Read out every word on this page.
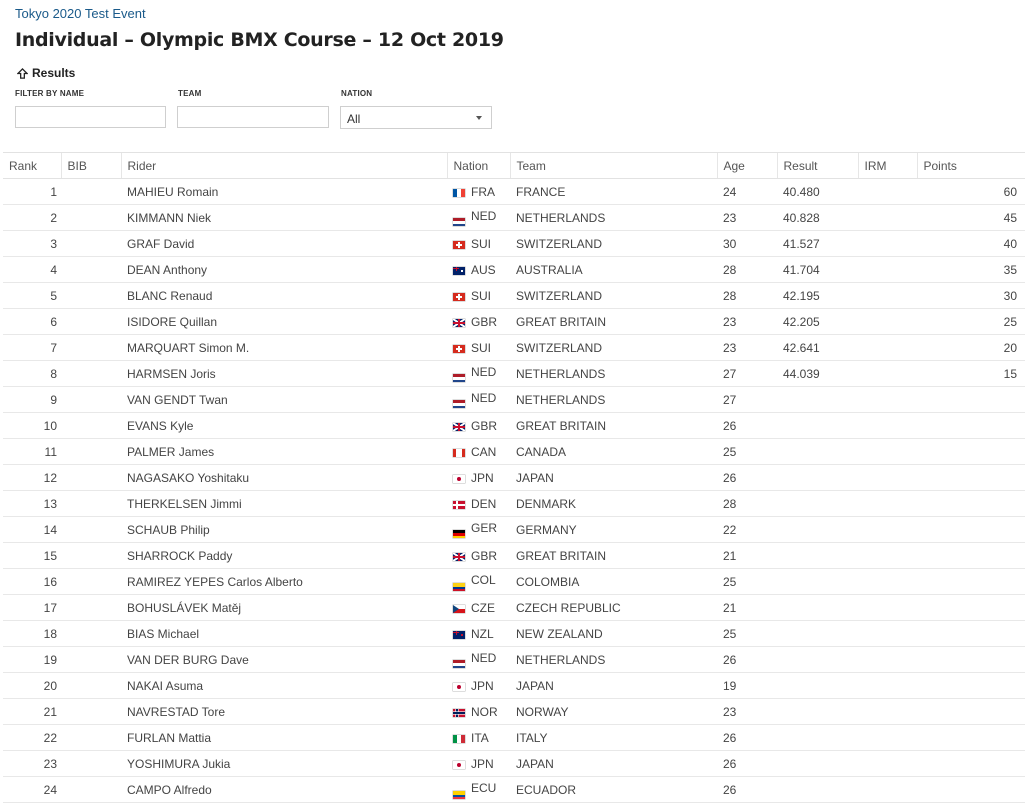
Tokyo 2020 Test Event
Individual – Olympic BMX Course – 12 Oct 2019
Results
FILTER BY NAME	TEAM	NATION
All
Rank	BIB	Rider	Nation	Team	Age	Result	IRM	Points
1		MAHIEU Romain	FRA	FRANCE	24	40.480		60
2		KIMMANN Niek	NED	NETHERLANDS	23	40.828		45
3		GRAF David	SUI	SWITZERLAND	30	41.527		40
4		DEAN Anthony	AUS	AUSTRALIA	28	41.704		35
5		BLANC Renaud	SUI	SWITZERLAND	28	42.195		30
6		ISIDORE Quillan	GBR	GREAT BRITAIN	23	42.205		25
7		MARQUART Simon M.	SUI	SWITZERLAND	23	42.641		20
8		HARMSEN Joris	NED	NETHERLANDS	27	44.039		15
9		VAN GENDT Twan	NED	NETHERLANDS	27			
10		EVANS Kyle	GBR	GREAT BRITAIN	26			
11		PALMER James	CAN	CANADA	25			
12		NAGASAKO Yoshitaku	JPN	JAPAN	26			
13		THERKELSEN Jimmi	DEN	DENMARK	28			
14		SCHAUB Philip	GER	GERMANY	22			
15		SHARROCK Paddy	GBR	GREAT BRITAIN	21			
16		RAMIREZ YEPES Carlos Alberto	COL	COLOMBIA	25			
17		BOHUSLÁVEK Matěj	CZE	CZECH REPUBLIC	21			
18		BIAS Michael	NZL	NEW ZEALAND	25			
19		VAN DER BURG Dave	NED	NETHERLANDS	26			
20		NAKAI Asuma	JPN	JAPAN	19			
21		NAVRESTAD Tore	NOR	NORWAY	23			
22		FURLAN Mattia	ITA	ITALY	26			
23		YOSHIMURA Jukia	JPN	JAPAN	26			
24		CAMPO Alfredo	ECU	ECUADOR	26			
